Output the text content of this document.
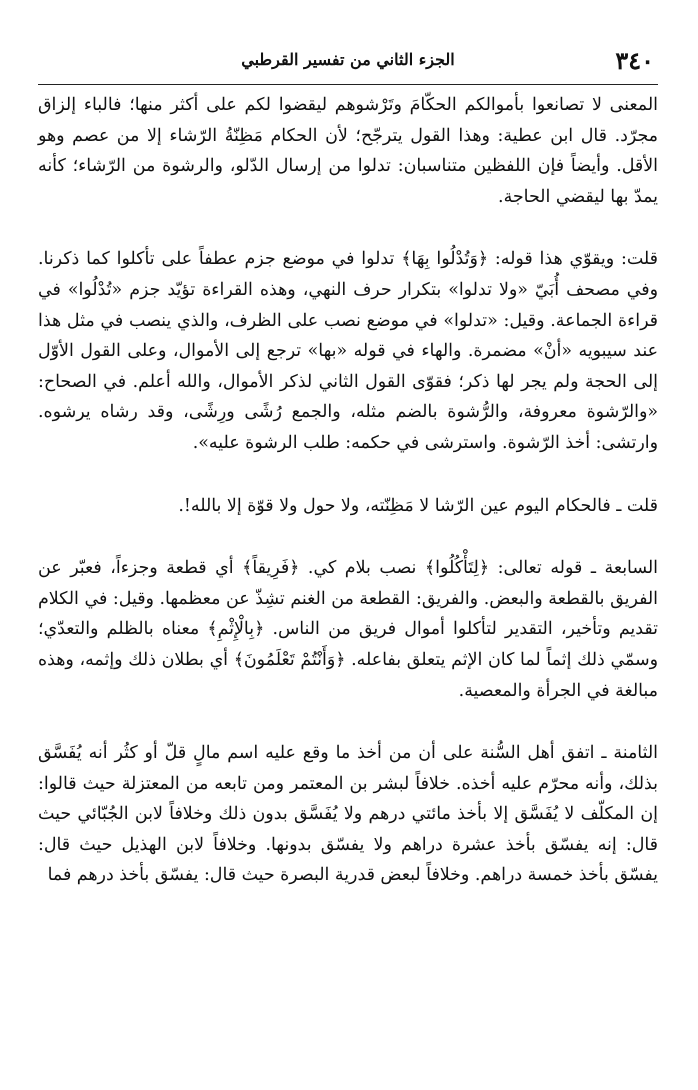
٣٤٠
الجزء الثاني من تفسير القرطبي

المعنى لا تصانعوا بأموالكم الحكّامَ وتَرْشوهم ليقضوا لكم على أكثر منها؛ فالباء إلزاق مجرّد. قال ابن عطية: وهذا القول يترجّح؛ لأن الحكام مَظِنّةُ الرّشاء إلا من عصم وهو الأقل. وأيضاً فإن اللفظين متناسبان: تدلوا من إرسال الدّلو، والرشوة من الرّشاء؛ كأنه يمدّ بها ليقضي الحاجة.

قلت: ويقوّي هذا قوله: ﴿وَتُدْلُوا بِهَا﴾ تدلوا في موضع جزم عطفاً على تأكلوا كما ذكرنا. وفي مصحف أُبَيّ «ولا تدلوا» بتكرار حرف النهي، وهذه القراءة تؤيّد جزم «تُدْلُوا» في قراءة الجماعة. وقيل: «تدلوا» في موضع نصب على الظرف، والذي ينصب في مثل هذا عند سيبويه «أنْ» مضمرة. والهاء في قوله «بها» ترجع إلى الأموال، وعلى القول الأوّل إلى الحجة ولم يجر لها ذكر؛ فقوّى القول الثاني لذكر الأموال، والله أعلم. في الصحاح: «والرّشوة معروفة، والرُّشوة بالضم مثله، والجمع رُشًى ورِشًى، وقد رشاه يرشوه. وارتشى: أخذ الرّشوة. واسترشى في حكمه: طلب الرشوة عليه».

قلت ـ فالحكام اليوم عين الرّشا لا مَظِنّته، ولا حول ولا قوّة إلا بالله!.

السابعة ـ قوله تعالى: ﴿لِتَأْكُلُوا﴾ نصب بلام كي. ﴿فَرِيقاً﴾ أي قطعة وجزءاً، فعبّر عن الفريق بالقطعة والبعض. والفريق: القطعة من الغنم تشِذّ عن معظمها. وقيل: في الكلام تقديم وتأخير، التقدير لتأكلوا أموال فريق من الناس. ﴿بِالْإِثْمِ﴾ معناه بالظلم والتعدّي؛ وسمّي ذلك إثماً لما كان الإثم يتعلق بفاعله. ﴿وَأَنْتُمْ تَعْلَمُونَ﴾ أي بطلان ذلك وإثمه، وهذه مبالغة في الجرأة والمعصية.

الثامنة ـ اتفق أهل السُّنة على أن من أخذ ما وقع عليه اسم مالٍ قلّ أو كثُر أنه يُفَسَّق بذلك، وأنه محرّم عليه أخذه. خلافاً لبشر بن المعتمر ومن تابعه من المعتزلة حيث قالوا: إن المكلّف لا يُفَسَّق إلا بأخذ مائتي درهم ولا يُفَسَّق بدون ذلك وخلافاً لابن الجُبّائي حيث قال: إنه يفسّق بأخذ عشرة دراهم ولا يفسّق بدونها. وخلافاً لابن الهذيل حيث قال: يفسّق بأخذ خمسة دراهم. وخلافاً لبعض قدرية البصرة حيث قال: يفسّق بأخذ درهم فما
